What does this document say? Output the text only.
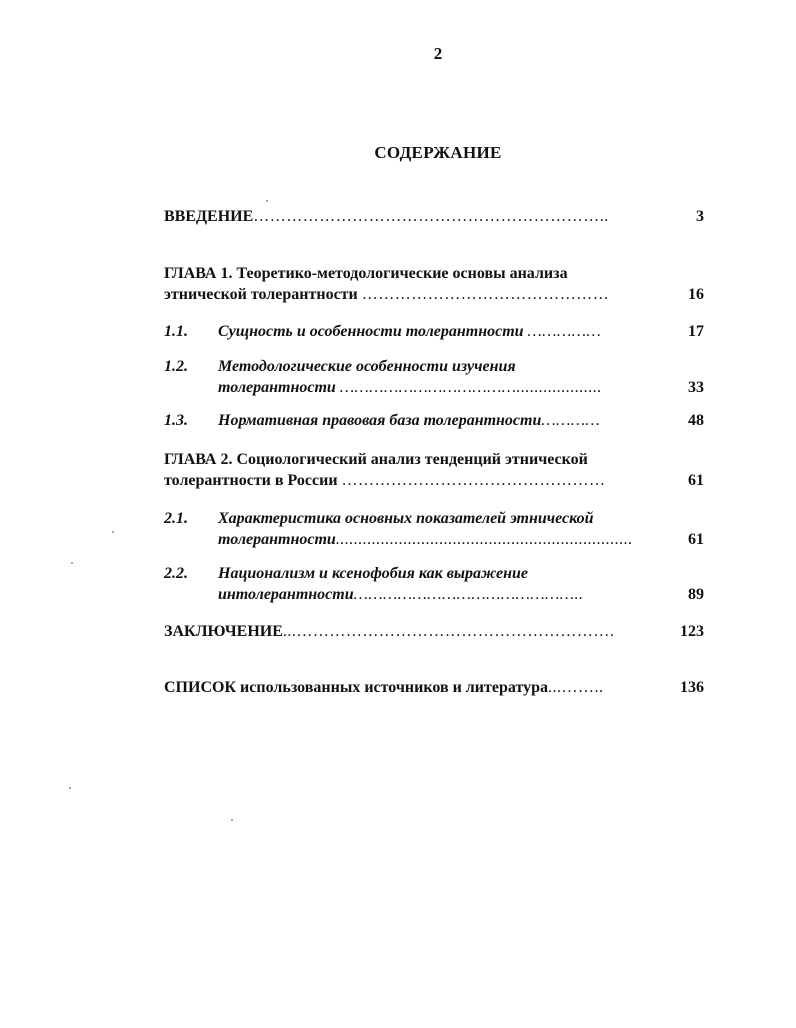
2
СОДЕРЖАНИЕ
ВВЕДЕНИЕ………………………………………………………..	3
ГЛАВА 1. Теоретико-методологические основы анализа
этнической толерантности ………………………………………	16
1.1. Сущность и особенности толерантности ……………	17
1.2. Методологические особенности изучения
толерантности ………………………………...................	33
1.3. Нормативная правовая база толерантности…………	48
ГЛАВА 2. Социологический анализ тенденций этнической
толерантности в России …………………………………………	61
2.1. Характеристика основных показателей этнической
толерантности..................................................................	61
2.2. Национализм и ксенофобия как выражение
интолерантности………………………………………..	89
ЗАКЛЮЧЕНИЕ...………………………………………………….	123
СПИСОК использованных источников и литература...……..	136
